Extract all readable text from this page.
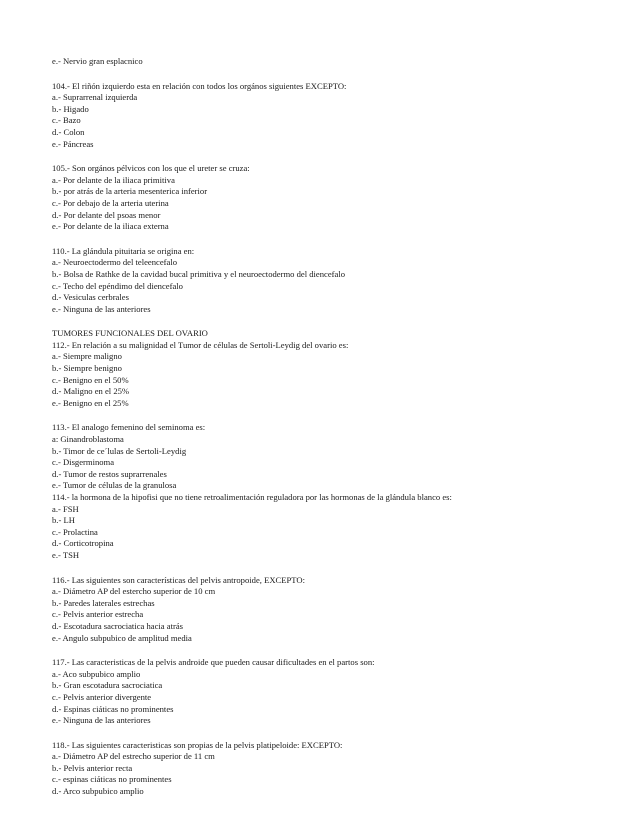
e.- Nervio gran esplacnico
104.- El riñón izquierdo esta en relación con todos los orgános siguientes EXCEPTO:
a.- Suprarrenal izquierda
b.- Higado
c.- Bazo
d.- Colon
e.- Páncreas
105.- Son orgános pélvicos con los que el ureter se cruza:
a.- Por delante de la iliaca primitiva
b.- por atrás de la arteria mesenterica inferior
c.- Por debajo de la arteria uterina
d.- Por delante del psoas menor
e.- Por delante de la iliaca externa
110.- La glándula pituitaria se origina en:
a.- Neuroectodermo del teleencefalo
b.- Bolsa de Rathke de la cavidad bucal primitiva y el neuroectodermo del diencefalo
c.- Techo del epéndimo del diencefalo
d.- Vesiculas cerbrales
e.- Ninguna de las anteriores
TUMORES FUNCIONALES DEL OVARIO
112.- En relación a su malignidad el Tumor de células de Sertoli-Leydig del ovario es:
a.- Siempre maligno
b.- Siempre benigno
c.- Benigno en el 50%
d.- Maligno en el 25%
e.- Benigno en el 25%
113.- El analogo femenino del seminoma es:
a: Ginandroblastoma
b.- Timor de ce´lulas de Sertoli-Leydig
c.- Disgerminoma
d.- Tumor de restos suprarrenales
e.- Tumor de células de la granulosa
114.- la hormona de la hipofisi que no tiene retroalimentación reguladora por las hormonas de la glándula blanco es:
a.- FSH
b.- LH
c.- Prolactina
d.- Corticotropina
e.- TSH
116.- Las siguientes son características del pelvis antropoide, EXCEPTO:
a.- Diámetro AP del estercho superior de 10 cm
b.- Paredes laterales estrechas
c.- Pelvis anterior estrecha
d.- Escotadura sacrociatica hacia atrás
e.- Angulo subpubico de amplitud media
117.- Las caracteristicas de la pelvis androide que pueden causar dificultades en el partos son:
a.- Aco subpubico amplio
b.- Gran escotadura sacrociatica
c.- Pelvis anterior divergente
d.- Espinas ciáticas no prominentes
e.- Ninguna de las anteriores
118.- Las siguientes caracteristicas son propias de la pelvis platipeloide: EXCEPTO:
a.- Diámetro AP del estrecho superior de 11 cm
b.- Pelvis anterior recta
c.- espinas ciáticas no prominentes
d.- Arco subpubico amplio
